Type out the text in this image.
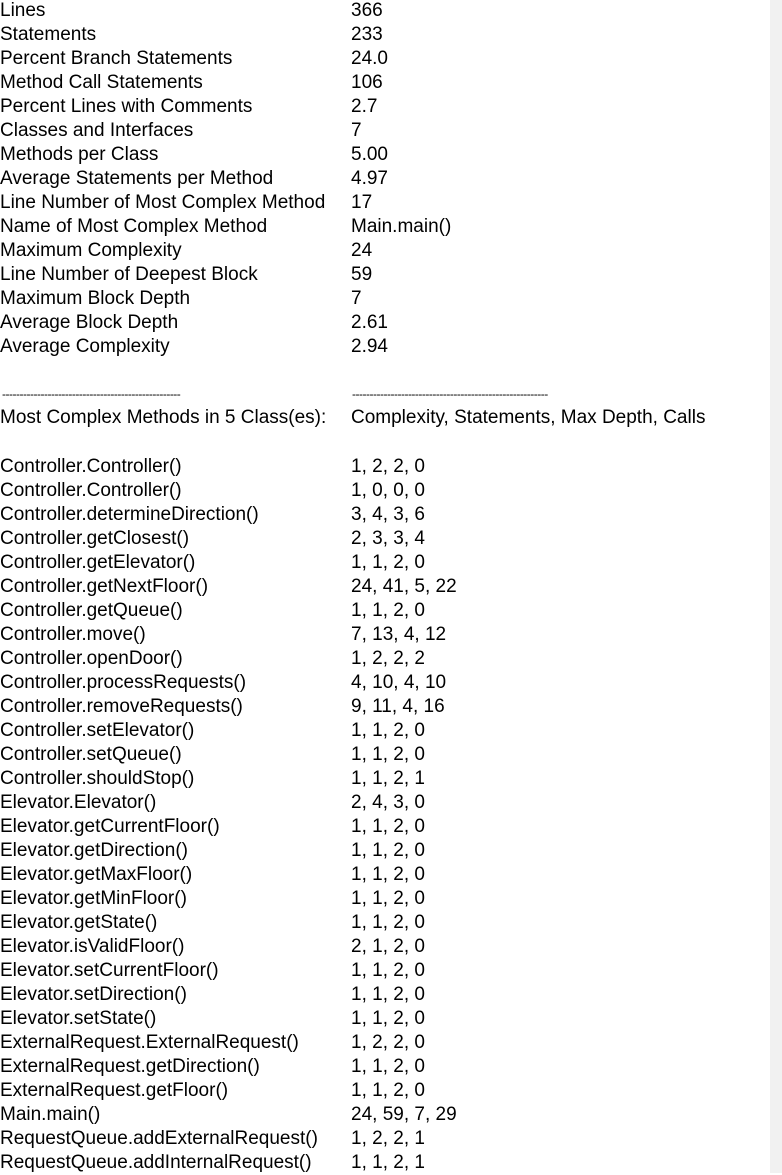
Lines	366
Statements	233
Percent Branch Statements	24.0
Method Call Statements	106
Percent Lines with Comments	2.7
Classes and Interfaces	7
Methods per Class	5.00
Average Statements per Method	4.97
Line Number of Most Complex Method 17
Name of Most Complex Method	Main.main()
Maximum Complexity	24
Line Number of Deepest Block	59
Maximum Block Depth	7
Average Block Depth	2.61
Average Complexity	2.94
---------------------------------------------------	--------------------------------------------------------
Most Complex Methods in 5 Class(es): Complexity, Statements, Max Depth, Calls
Controller.Controller()	1, 2, 2, 0
Controller.Controller()	1, 0, 0, 0
Controller.determineDirection()	3, 4, 3, 6
Controller.getClosest()	2, 3, 3, 4
Controller.getElevator()	1, 1, 2, 0
Controller.getNextFloor()	24, 41, 5, 22
Controller.getQueue()	1, 1, 2, 0
Controller.move()	7, 13, 4, 12
Controller.openDoor()	1, 2, 2, 2
Controller.processRequests()	4, 10, 4, 10
Controller.removeRequests()	9, 11, 4, 16
Controller.setElevator()	1, 1, 2, 0
Controller.setQueue()	1, 1, 2, 0
Controller.shouldStop()	1, 1, 2, 1
Elevator.Elevator()	2, 4, 3, 0
Elevator.getCurrentFloor()	1, 1, 2, 0
Elevator.getDirection()	1, 1, 2, 0
Elevator.getMaxFloor()	1, 1, 2, 0
Elevator.getMinFloor()	1, 1, 2, 0
Elevator.getState()	1, 1, 2, 0
Elevator.isValidFloor()	2, 1, 2, 0
Elevator.setCurrentFloor()	1, 1, 2, 0
Elevator.setDirection()	1, 1, 2, 0
Elevator.setState()	1, 1, 2, 0
ExternalRequest.ExternalRequest()	1, 2, 2, 0
ExternalRequest.getDirection()	1, 1, 2, 0
ExternalRequest.getFloor()	1, 1, 2, 0
Main.main()	24, 59, 7, 29
RequestQueue.addExternalRequest() 1, 2, 2, 1
RequestQueue.addInternalRequest() 1, 1, 2, 1
